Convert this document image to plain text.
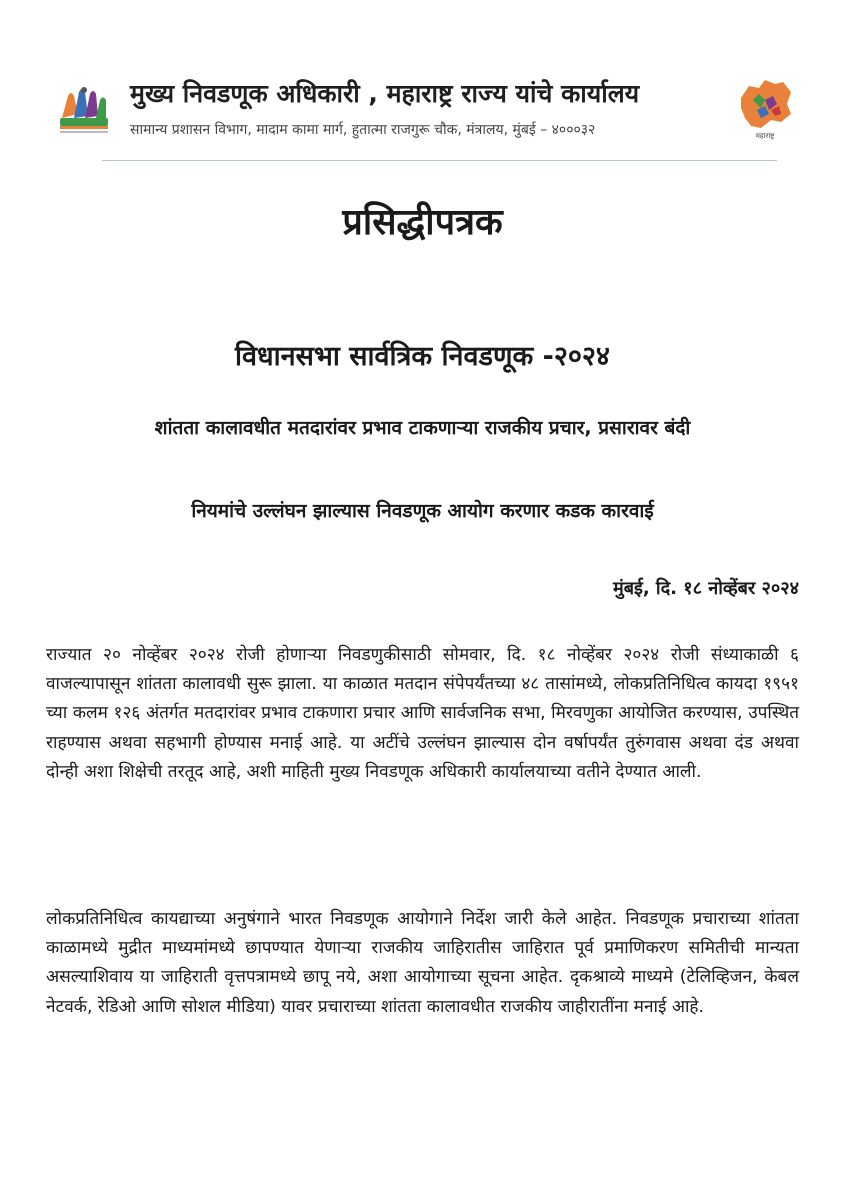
मुख्य निवडणूक अधिकारी , महाराष्ट्र राज्य यांचे कार्यालय
सामान्य प्रशासन विभाग, मादाम कामा मार्ग, हुतात्मा राजगुरू चौक, मंत्रालय, मुंबई – ४०००३२	महाराष्ट्र
प्रसिद्धीपत्रक
विधानसभा सार्वत्रिक निवडणूक -२०२४
शांतता कालावधीत मतदारांवर प्रभाव टाकणाऱ्या राजकीय प्रचार, प्रसारावर बंदी
नियमांचे उल्लंघन झाल्यास निवडणूक आयोग करणार कडक कारवाई
मुंबई, दि. १८ नोव्हेंबर २०२४
राज्यात २० नोव्हेंबर २०२४ रोजी होणाऱ्या निवडणुकीसाठी सोमवार, दि. १८ नोव्हेंबर २०२४ रोजी संध्याकाळी ६ वाजल्यापासून शांतता कालावधी सुरू झाला. या काळात मतदान संपेपर्यंतच्या ४८ तासांमध्ये, लोकप्रतिनिधित्व कायदा १९५१ च्या कलम १२६ अंतर्गत मतदारांवर प्रभाव टाकणारा प्रचार आणि सार्वजनिक सभा, मिरवणुका आयोजित करण्यास, उपस्थित राहण्यास अथवा सहभागी होण्यास मनाई आहे. या अटींचे उल्लंघन झाल्यास दोन वर्षापर्यंत तुरुंगवास अथवा दंड अथवा दोन्ही अशा शिक्षेची तरतूद आहे, अशी माहिती मुख्य निवडणूक अधिकारी कार्यालयाच्या वतीने देण्यात आली.
लोकप्रतिनिधित्व कायद्याच्या अनुषंगाने भारत निवडणूक आयोगाने निर्देश जारी केले आहेत. निवडणूक प्रचाराच्या शांतता काळामध्ये मुद्रीत माध्यमांमध्ये छापण्यात येणाऱ्या राजकीय जाहिरातीस जाहिरात पूर्व प्रमाणिकरण समितीची मान्यता असल्याशिवाय या जाहिराती वृत्तपत्रामध्ये छापू नये, अशा आयोगाच्या सूचना आहेत. दृकश्राव्ये माध्यमे (टेलिव्हिजन, केबल नेटवर्क, रेडिओ आणि सोशल मीडिया) यावर प्रचाराच्या शांतता कालावधीत राजकीय जाहीरातींना मनाई आहे.
